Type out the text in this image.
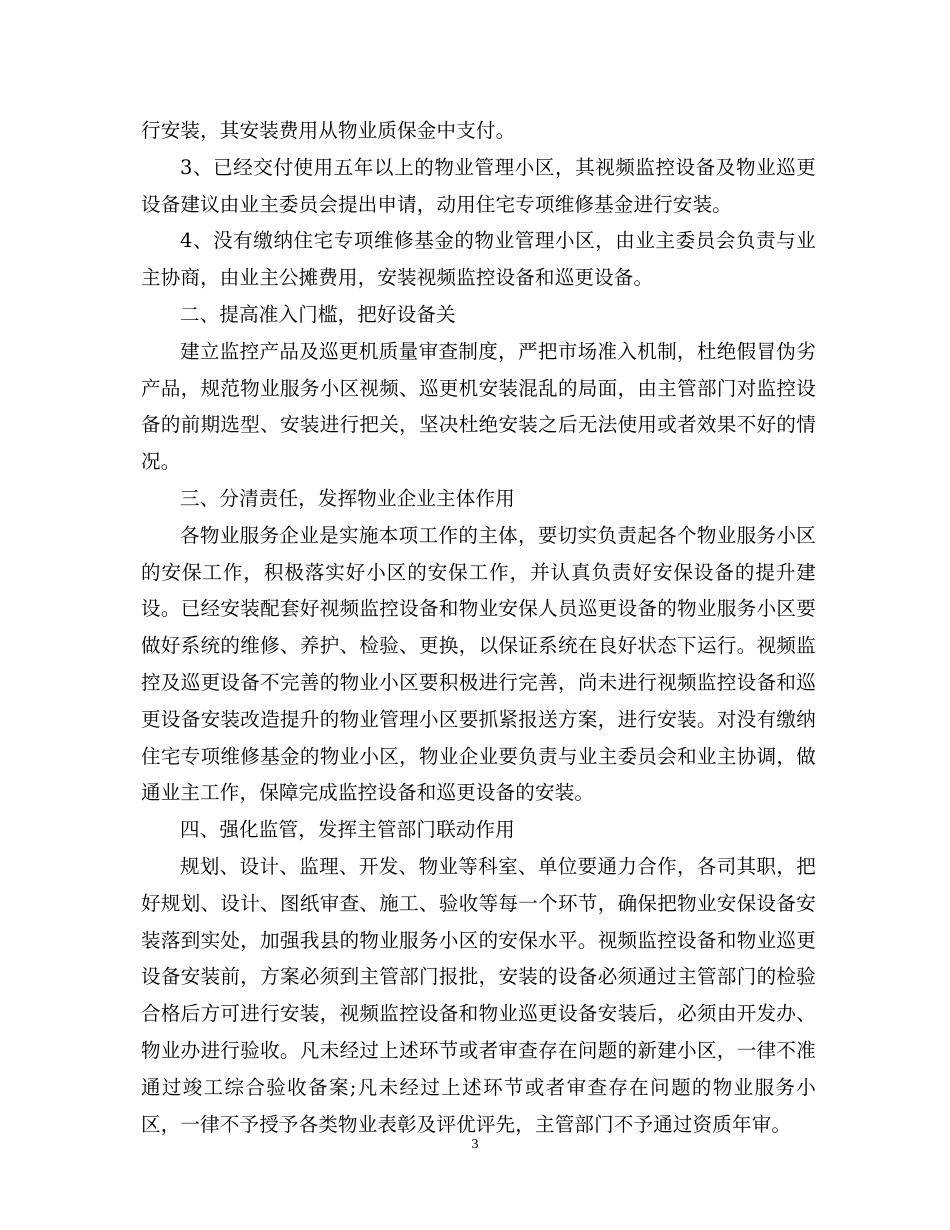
行安装，其安装费用从物业质保金中支付。

3、已经交付使用五年以上的物业管理小区，其视频监控设备及物业巡更设备建议由业主委员会提出申请，动用住宅专项维修基金进行安装。

4、没有缴纳住宅专项维修基金的物业管理小区，由业主委员会负责与业主协商，由业主公摊费用，安装视频监控设备和巡更设备。

二、提高准入门槛，把好设备关

建立监控产品及巡更机质量审查制度，严把市场准入机制，杜绝假冒伪劣产品，规范物业服务小区视频、巡更机安装混乱的局面，由主管部门对监控设备的前期选型、安装进行把关，坚决杜绝安装之后无法使用或者效果不好的情况。

三、分清责任，发挥物业企业主体作用

各物业服务企业是实施本项工作的主体，要切实负责起各个物业服务小区的安保工作，积极落实好小区的安保工作，并认真负责好安保设备的提升建设。已经安装配套好视频监控设备和物业安保人员巡更设备的物业服务小区要做好系统的维修、养护、检验、更换，以保证系统在良好状态下运行。视频监控及巡更设备不完善的物业小区要积极进行完善，尚未进行视频监控设备和巡更设备安装改造提升的物业管理小区要抓紧报送方案，进行安装。对没有缴纳住宅专项维修基金的物业小区，物业企业要负责与业主委员会和业主协调，做通业主工作，保障完成监控设备和巡更设备的安装。

四、强化监管，发挥主管部门联动作用

规划、设计、监理、开发、物业等科室、单位要通力合作，各司其职，把好规划、设计、图纸审查、施工、验收等每一个环节，确保把物业安保设备安装落到实处，加强我县的物业服务小区的安保水平。视频监控设备和物业巡更设备安装前，方案必须到主管部门报批，安装的设备必须通过主管部门的检验合格后方可进行安装，视频监控设备和物业巡更设备安装后，必须由开发办、物业办进行验收。凡未经过上述环节或者审查存在问题的新建小区，一律不准通过竣工综合验收备案;凡未经过上述环节或者审查存在问题的物业服务小区，一律不予授予各类物业表彰及评优评先，主管部门不予通过资质年审。

3
